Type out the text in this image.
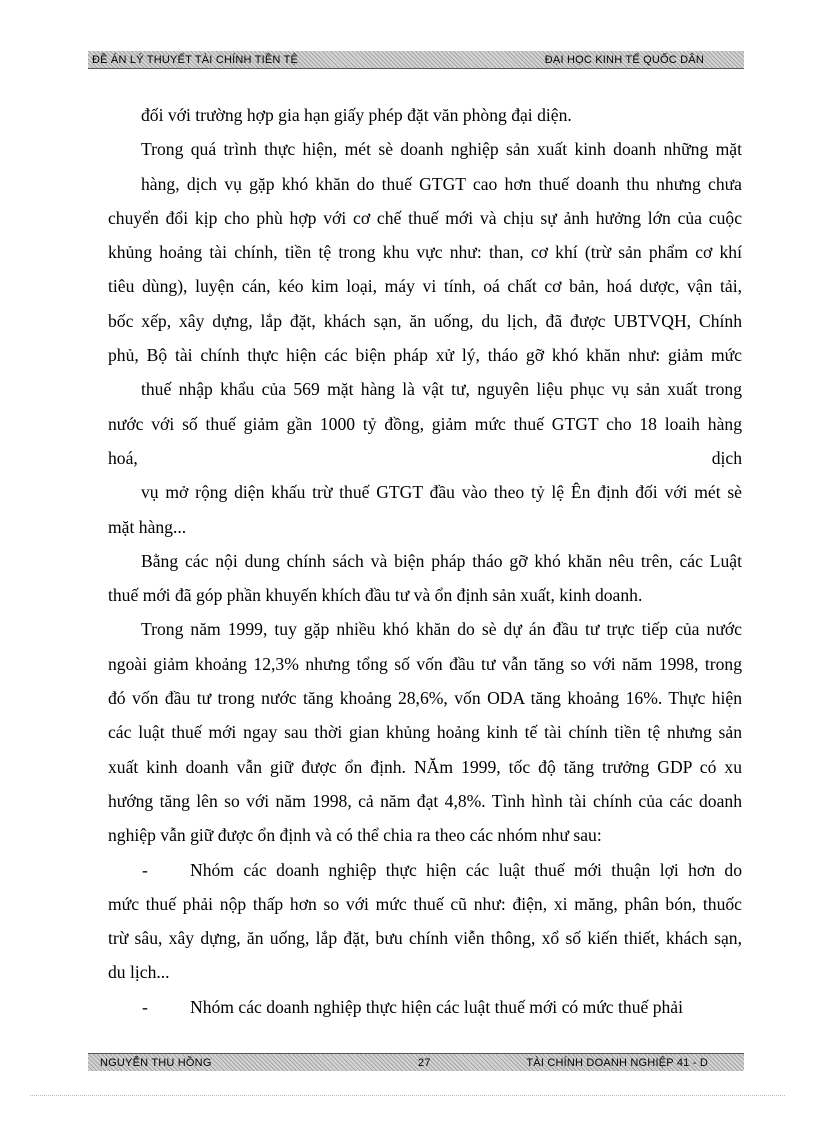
ĐỀ ÁN LÝ THUYẾT TÀI CHÍNH TIỀN TỆ	ĐẠI HỌC KINH TẾ QUỐC DÂN
đối với trường hợp gia hạn giấy phép đặt văn phòng đại diện.
Trong quá trình thực hiện, mét sè doanh nghiệp sản xuất kinh doanh những mặt
hàng, dịch vụ gặp khó khăn do thuế GTGT cao hơn thuế doanh thu nhưng chưa
chuyển đổi kịp cho phù hợp với cơ chế thuế mới và chịu sự ảnh hưởng lớn của cuộc
khủng hoảng tài chính, tiền tệ trong khu vực như: than, cơ khí (trừ sản phẩm cơ khí
tiêu dùng), luyện cán, kéo kim loại, máy vi tính, oá chất cơ bản, hoá dược, vận tải,
bốc xếp, xây dựng, lắp đặt, khách sạn, ăn uống, du lịch, đã được UBTVQH, Chính
phủ, Bộ tài chính thực hiện các biện pháp xử lý, tháo gỡ khó khăn như: giảm mức
thuế nhập khẩu của 569 mặt hàng là vật tư, nguyên liệu phục vụ sản xuất trong
nước với số thuế giảm gần 1000 tỷ đồng, giảm mức thuế GTGT cho 18 loaih hàng
hoá,	dịch
vụ mở rộng diện khấu trừ thuế GTGT đầu vào theo tỷ lệ Ên định đối với mét sè
mặt hàng...
Bằng các nội dung chính sách và biện pháp tháo gỡ khó khăn nêu trên, các Luật
thuế mới đã góp phần khuyến khích đầu tư và ổn định sản xuất, kinh doanh.
Trong năm 1999, tuy gặp nhiều khó khăn do sè dự án đầu tư trực tiếp của nước
ngoài giảm khoảng 12,3% nhưng tổng số vốn đầu tư vẫn tăng so với năm 1998, trong
đó vốn đầu tư trong nước tăng khoảng 28,6%, vốn ODA tăng khoảng 16%. Thực hiện
các luật thuế mới ngay sau thời gian khủng hoảng kinh tế tài chính tiền tệ nhưng sản
xuất kinh doanh vẫn giữ được ổn định. NĂm 1999, tốc độ tăng trưởng GDP có xu
hướng tăng lên so với năm 1998, cả năm đạt 4,8%. Tình hình tài chính của các doanh
nghiệp vẫn giữ được ổn định và có thể chia ra theo các nhóm như sau:
-	Nhóm các doanh nghiệp thực hiện các luật thuế mới thuận lợi hơn do
mức thuế phải nộp thấp hơn so với mức thuế cũ như: điện, xi măng, phân bón, thuốc
trừ sâu, xây dựng, ăn uống, lắp đặt, bưu chính viễn thông, xổ số kiến thiết, khách sạn,
du lịch...
-	Nhóm các doanh nghiệp thực hiện các luật thuế mới có mức thuế phải
NGUYỄN THU HỒNG	27	TÀI CHÍNH DOANH NGHIỆP 41 - D
